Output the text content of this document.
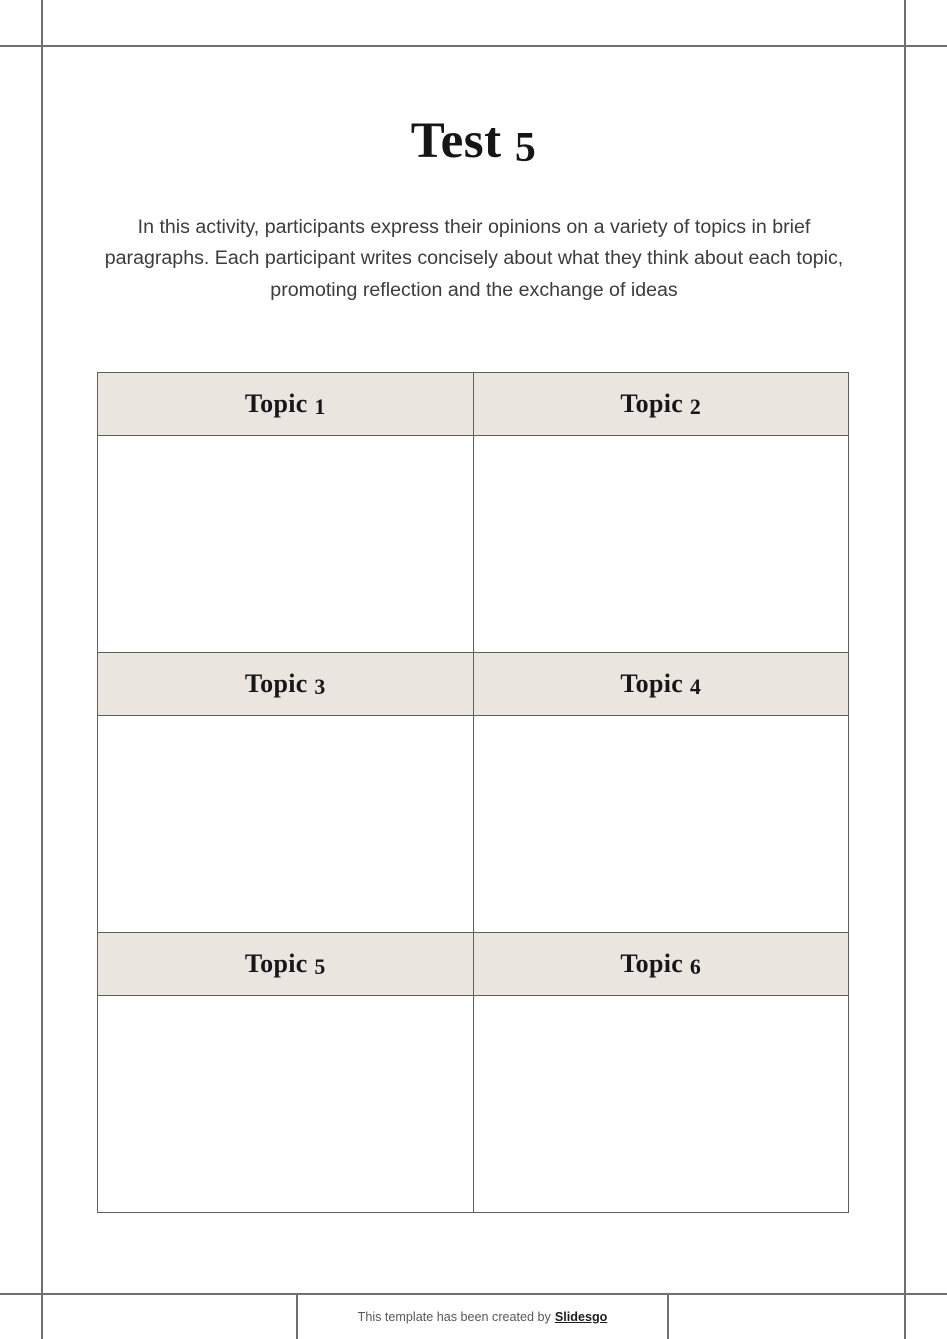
Test 5
In this activity, participants express their opinions on a variety of topics in brief paragraphs. Each participant writes concisely about what they think about each topic, promoting reflection and the exchange of ideas
Topic 1	Topic 2

Topic 3	Topic 4

Topic 5	Topic 6

This template has been created by Slidesgo
